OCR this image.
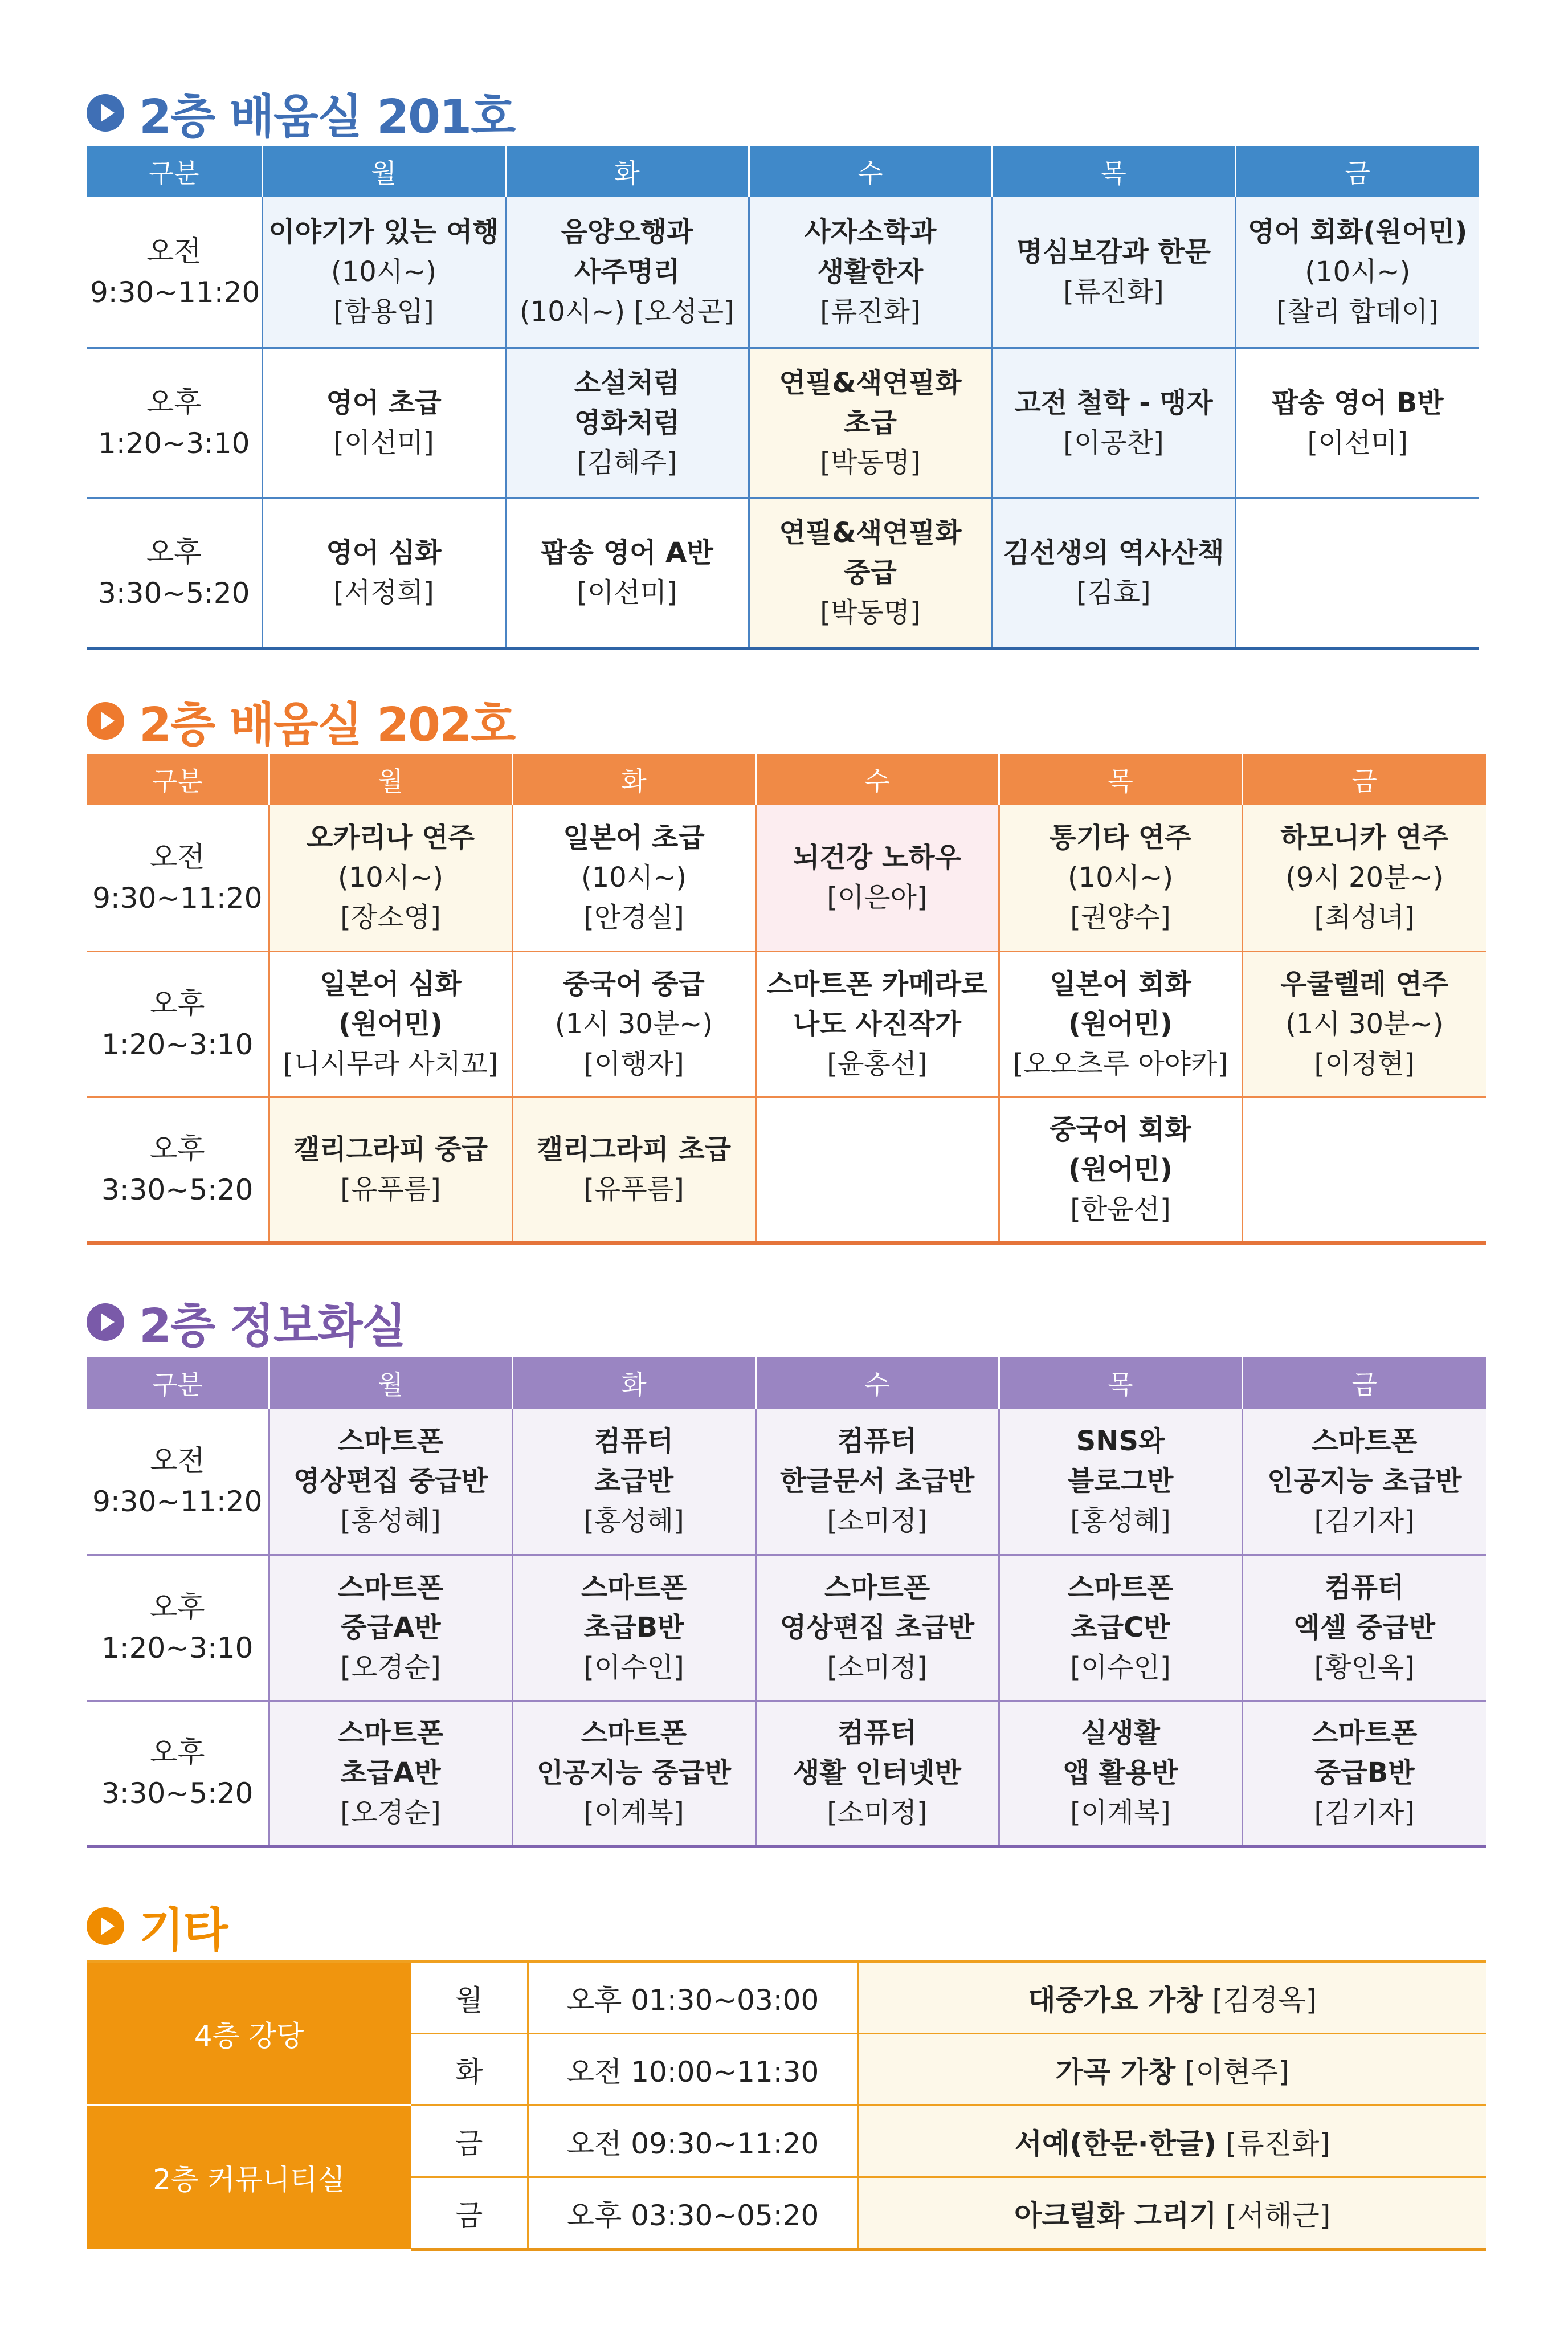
2층 배움실 201호
구분	월	화	수	목	금

오전
9:30~11:20	이야기가 있는 여행
(10시~)
[함용임]	음양오행과
사주명리
(10시~) [오성곤]	사자소학과
생활한자
[류진화]	명심보감과 한문
[류진화]	영어 회화(원어민)
(10시~)
[찰리 합데이]

오후
1:20~3:10	영어 초급
[이선미]	소설처럼
영화처럼
[김혜주]	연필&색연필화
초급
[박동명]	고전 철학 - 맹자
[이공찬]	팝송 영어 B반
[이선미]

오후
3:30~5:20	영어 심화
[서정희]	팝송 영어 A반
[이선미]	연필&색연필화
중급
[박동명]	김선생의 역사산책
[김효]	

2층 배움실 202호
구분	월	화	수	목	금

오전
9:30~11:20	오카리나 연주
(10시~)
[장소영]	일본어 초급
(10시~)
[안경실]	뇌건강 노하우
[이은아]	통기타 연주
(10시~)
[권양수]	하모니카 연주
(9시 20분~)
[최성녀]

오후
1:20~3:10	일본어 심화
(원어민)
[니시무라 사치꼬]	중국어 중급
(1시 30분~)
[이행자]	스마트폰 카메라로
나도 사진작가
[윤홍선]	일본어 회화
(원어민)
[오오츠루 아야카]	우쿨렐레 연주
(1시 30분~)
[이정현]

오후
3:30~5:20	캘리그라피 중급
[유푸름]	캘리그라피 초급
[유푸름]		중국어 회화
(원어민)
[한윤선]	

2층 정보화실
구분	월	화	수	목	금

오전
9:30~11:20	스마트폰
영상편집 중급반
[홍성혜]	컴퓨터
초급반
[홍성혜]	컴퓨터
한글문서 초급반
[소미정]	SNS와
블로그반
[홍성혜]	스마트폰
인공지능 초급반
[김기자]

오후
1:20~3:10	스마트폰
중급A반
[오경순]	스마트폰
초급B반
[이수인]	스마트폰
영상편집 초급반
[소미정]	스마트폰
초급C반
[이수인]	컴퓨터
엑셀 중급반
[황인옥]

오후
3:30~5:20	스마트폰
초급A반
[오경순]	스마트폰
인공지능 중급반
[이계복]	컴퓨터
생활 인터넷반
[소미정]	실생활
앱 활용반
[이계복]	스마트폰
중급B반
[김기자]
기타
4층 강당	월	오후 01:30~03:00	대중가요 가창 [김경옥]
	화	오전 10:00~11:30	가곡 가창 [이현주]
2층 커뮤니티실	금	오전 09:30~11:20	서예(한문·한글) [류진화]
	금	오후 03:30~05:20	아크릴화 그리기 [서해근]
